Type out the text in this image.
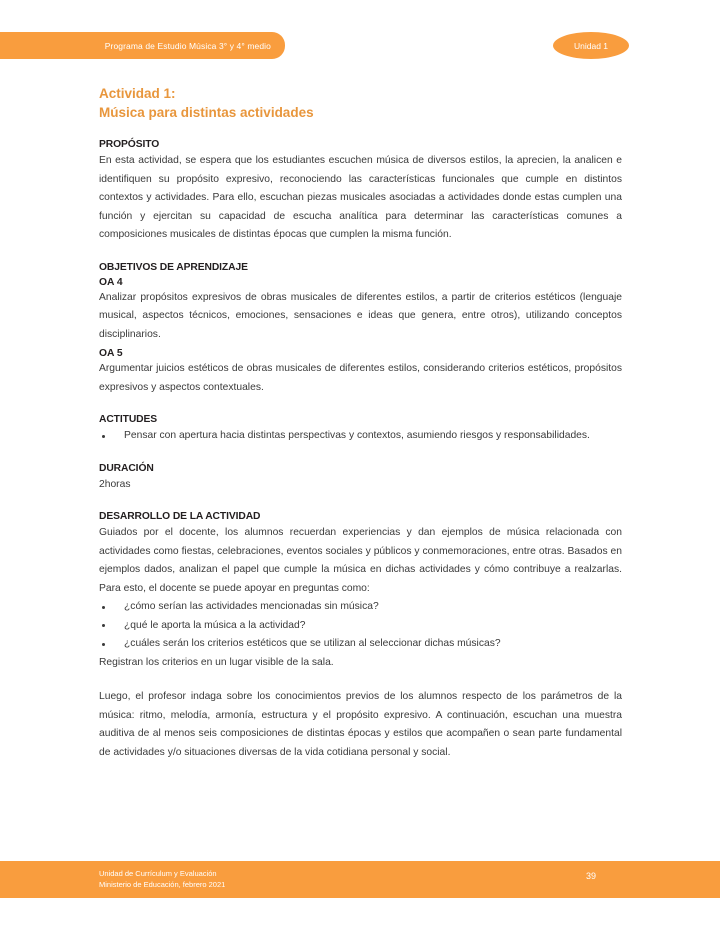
Programa de Estudio Música 3° y 4° medio	Unidad 1
Actividad 1:
Música para distintas actividades
PROPÓSITO

En esta actividad, se espera que los estudiantes escuchen música de diversos estilos, la aprecien, la analicen e identifiquen su propósito expresivo, reconociendo las características funcionales que cumple en distintos contextos y actividades. Para ello, escuchan piezas musicales asociadas a actividades donde estas cumplen una función y ejercitan su capacidad de escucha analítica para determinar las características comunes a composiciones musicales de distintas épocas que cumplen la misma función.

OBJETIVOS DE APRENDIZAJE
OA 4

Analizar propósitos expresivos de obras musicales de diferentes estilos, a partir de criterios estéticos (lenguaje musical, aspectos técnicos, emociones, sensaciones e ideas que genera, entre otros), utilizando conceptos disciplinarios.

OA 5

Argumentar juicios estéticos de obras musicales de diferentes estilos, considerando criterios estéticos, propósitos expresivos y aspectos contextuales.

ACTITUDES
Pensar con apertura hacia distintas perspectivas y contextos, asumiendo riesgos y responsabilidades.
DURACIÓN

2horas

DESARROLLO DE LA ACTIVIDAD

Guiados por el docente, los alumnos recuerdan experiencias y dan ejemplos de música relacionada con actividades como fiestas, celebraciones, eventos sociales y públicos y conmemoraciones, entre otras. Basados en ejemplos dados, analizan el papel que cumple la música en dichas actividades y cómo contribuye a realzarlas. Para esto, el docente se puede apoyar en preguntas como:

¿cómo serían las actividades mencionadas sin música?
¿qué le aporta la música a la actividad?
¿cuáles serán los criterios estéticos que se utilizan al seleccionar dichas músicas?

Registran los criterios en un lugar visible de la sala.

Luego, el profesor indaga sobre los conocimientos previos de los alumnos respecto de los parámetros de la música: ritmo, melodía, armonía, estructura y el propósito expresivo. A continuación, escuchan una muestra auditiva de al menos seis composiciones de distintas épocas y estilos que acompañen o sean parte fundamental de actividades y/o situaciones diversas de la vida cotidiana personal y social.

Unidad de Currículum y Evaluación
Ministerio de Educación, febrero 2021
39
